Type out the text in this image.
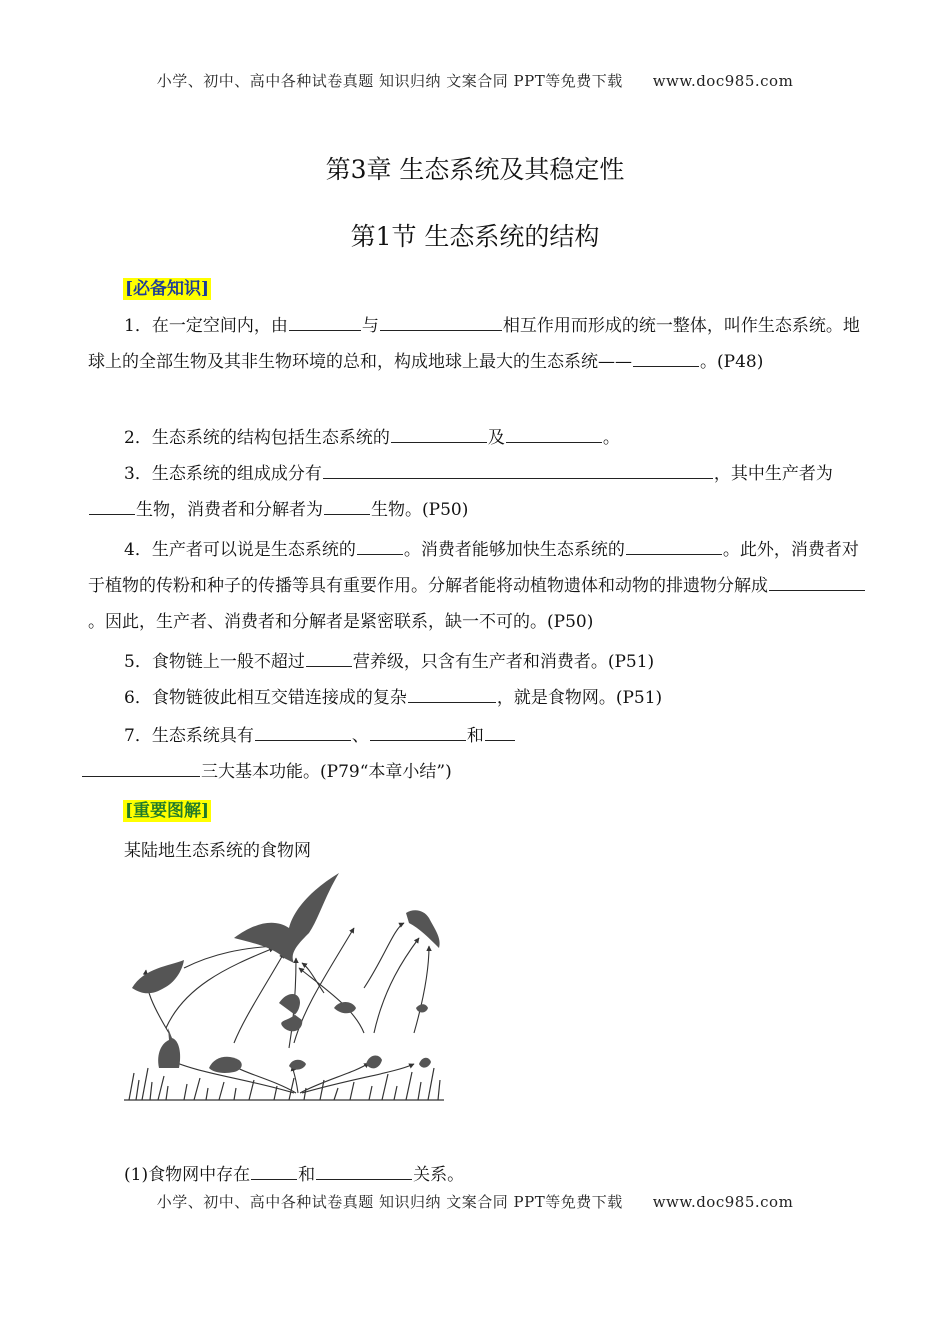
小学、初中、高中各种试卷真题 知识归纳 文案合同 PPT等免费下载 www.doc985.com
第3章 生态系统及其稳定性
第1节 生态系统的结构
[必备知识]
1．在一定空间内，由	与	相互作用而形成的统一整体，叫作生态系统。地球上的全部生物及其非生物环境的总和，构成地球上最大的生态系统——	。(P48)
2．生态系统的结构包括生态系统的	及	。
3．生态系统的组成成分有	，其中生产者为生物，消费者和分解者为	生物。(P50)
4．生产者可以说是生态系统的	。消费者能够加快生态系统的	。此外，消费者对于植物的传粉和种子的传播等具有重要作用。分解者能将动植物遗体和动物的排遗物分解成。因此，生产者、消费者和分解者是紧密联系，缺一不可的。(P50)
5．食物链上一般不超过	营养级，只含有生产者和消费者。(P51)
6．食物链彼此相互交错连接成的复杂	，就是食物网。(P51)
7．生态系统具有	、	和
三大基本功能。(P79“本章小结”)
[重要图解]
某陆地生态系统的食物网
(1)食物网中存在	和	关系。
小学、初中、高中各种试卷真题 知识归纳 文案合同 PPT等免费下载 www.doc985.com
